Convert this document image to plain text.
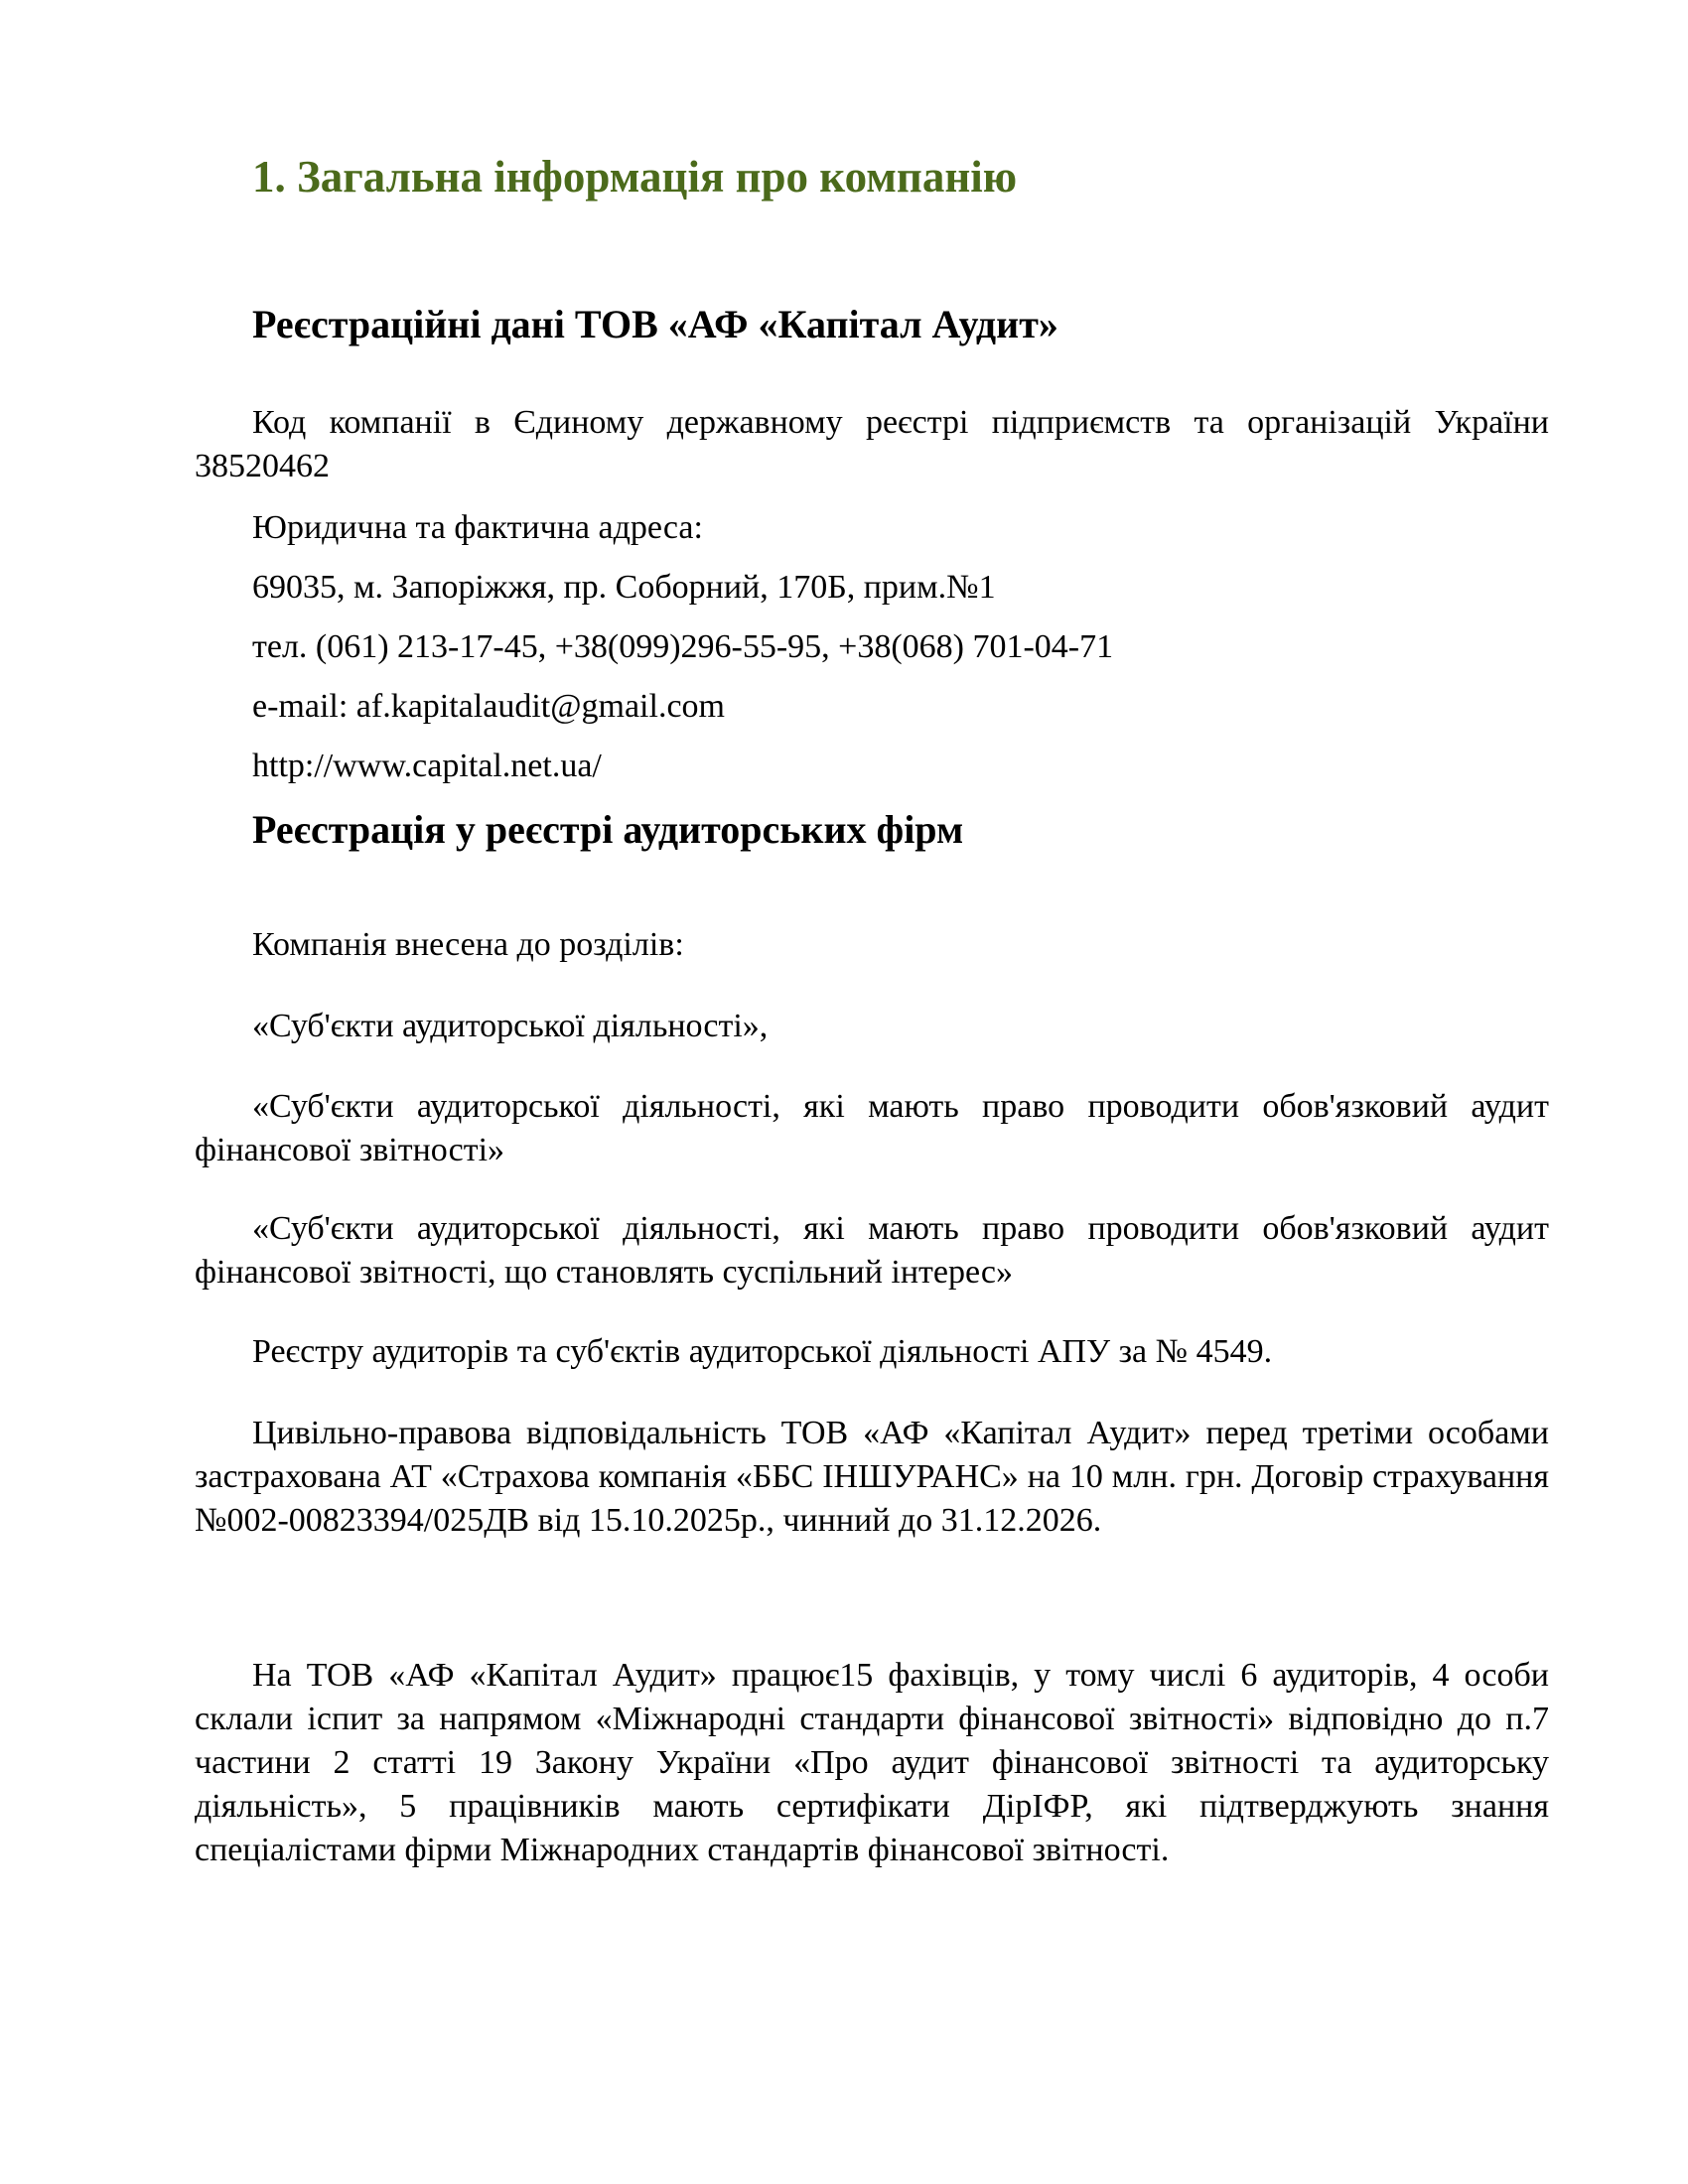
1. Загальна інформація про компанію
Реєстраційні дані ТОВ «АФ «Капітал Аудит»

Код компанії в Єдиному державному реєстрі підприємств та організацій України 38520462

Юридична та фактична адреса:

69035, м. Запоріжжя, пр. Соборний, 170Б, прим.№1

тел. (061) 213-17-45, +38(099)296-55-95, +38(068) 701-04-71

e-mail: af.kapitalaudit@gmail.com

http://www.capital.net.ua/

Реєстрація у реєстрі аудиторських фірм

Компанія внесена до розділів:

«Суб'єкти аудиторської діяльності»,

«Суб'єкти аудиторської діяльності, які мають право проводити обов'язковий аудит фінансової звітності»

«Суб'єкти аудиторської діяльності, які мають право проводити обов'язковий аудит фінансової звітності, що становлять суспільний інтерес»

Реєстру аудиторів та суб'єктів аудиторської діяльності АПУ за № 4549.

Цивільно-правова відповідальність ТОВ «АФ «Капітал Аудит» перед третіми особами застрахована АТ «Страхова компанія «ББС ІНШУРАНС» на 10 млн. грн. Договір страхування №002-00823394/025ДВ від 15.10.2025р., чинний до 31.12.2026.

На ТОВ «АФ «Капітал Аудит» працює15 фахівців, у тому числі 6 аудиторів, 4 особи склали іспит за напрямом «Міжнародні стандарти фінансової звітності» відповідно до п.7 частини 2 статті 19 Закону України «Про аудит фінансової звітності та аудиторську діяльність», 5 працівників мають сертифікати ДipIФР, які підтверджують знання спеціалістами фірми Міжнародних стандартів фінансової звітності.
